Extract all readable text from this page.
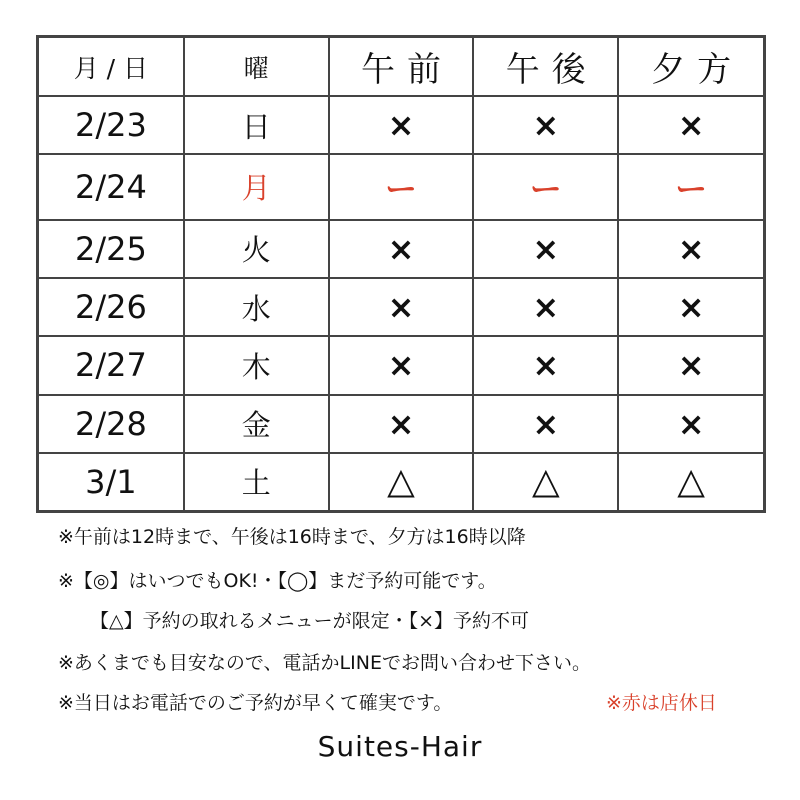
月 / 日	曜	午前	午後	夕方
2/23	日	×	×	×
2/24	月	ー	ー	ー
2/25	火	×	×	×
2/26	水	×	×	×
2/27	木	×	×	×
2/28	金	×	×	×
3/1	土	△	△	△
※午前は12時まで、午後は16時まで、夕方は16時以降
※【◎】はいつでもOK!・【◯】まだ予約可能です。
【△】予約の取れるメニューが限定・【×】予約不可
※あくまでも目安なので、電話かLINEでお問い合わせ下さい。
※当日はお電話でのご予約が早くて確実です。	※赤は店休日
Suites-Hair
